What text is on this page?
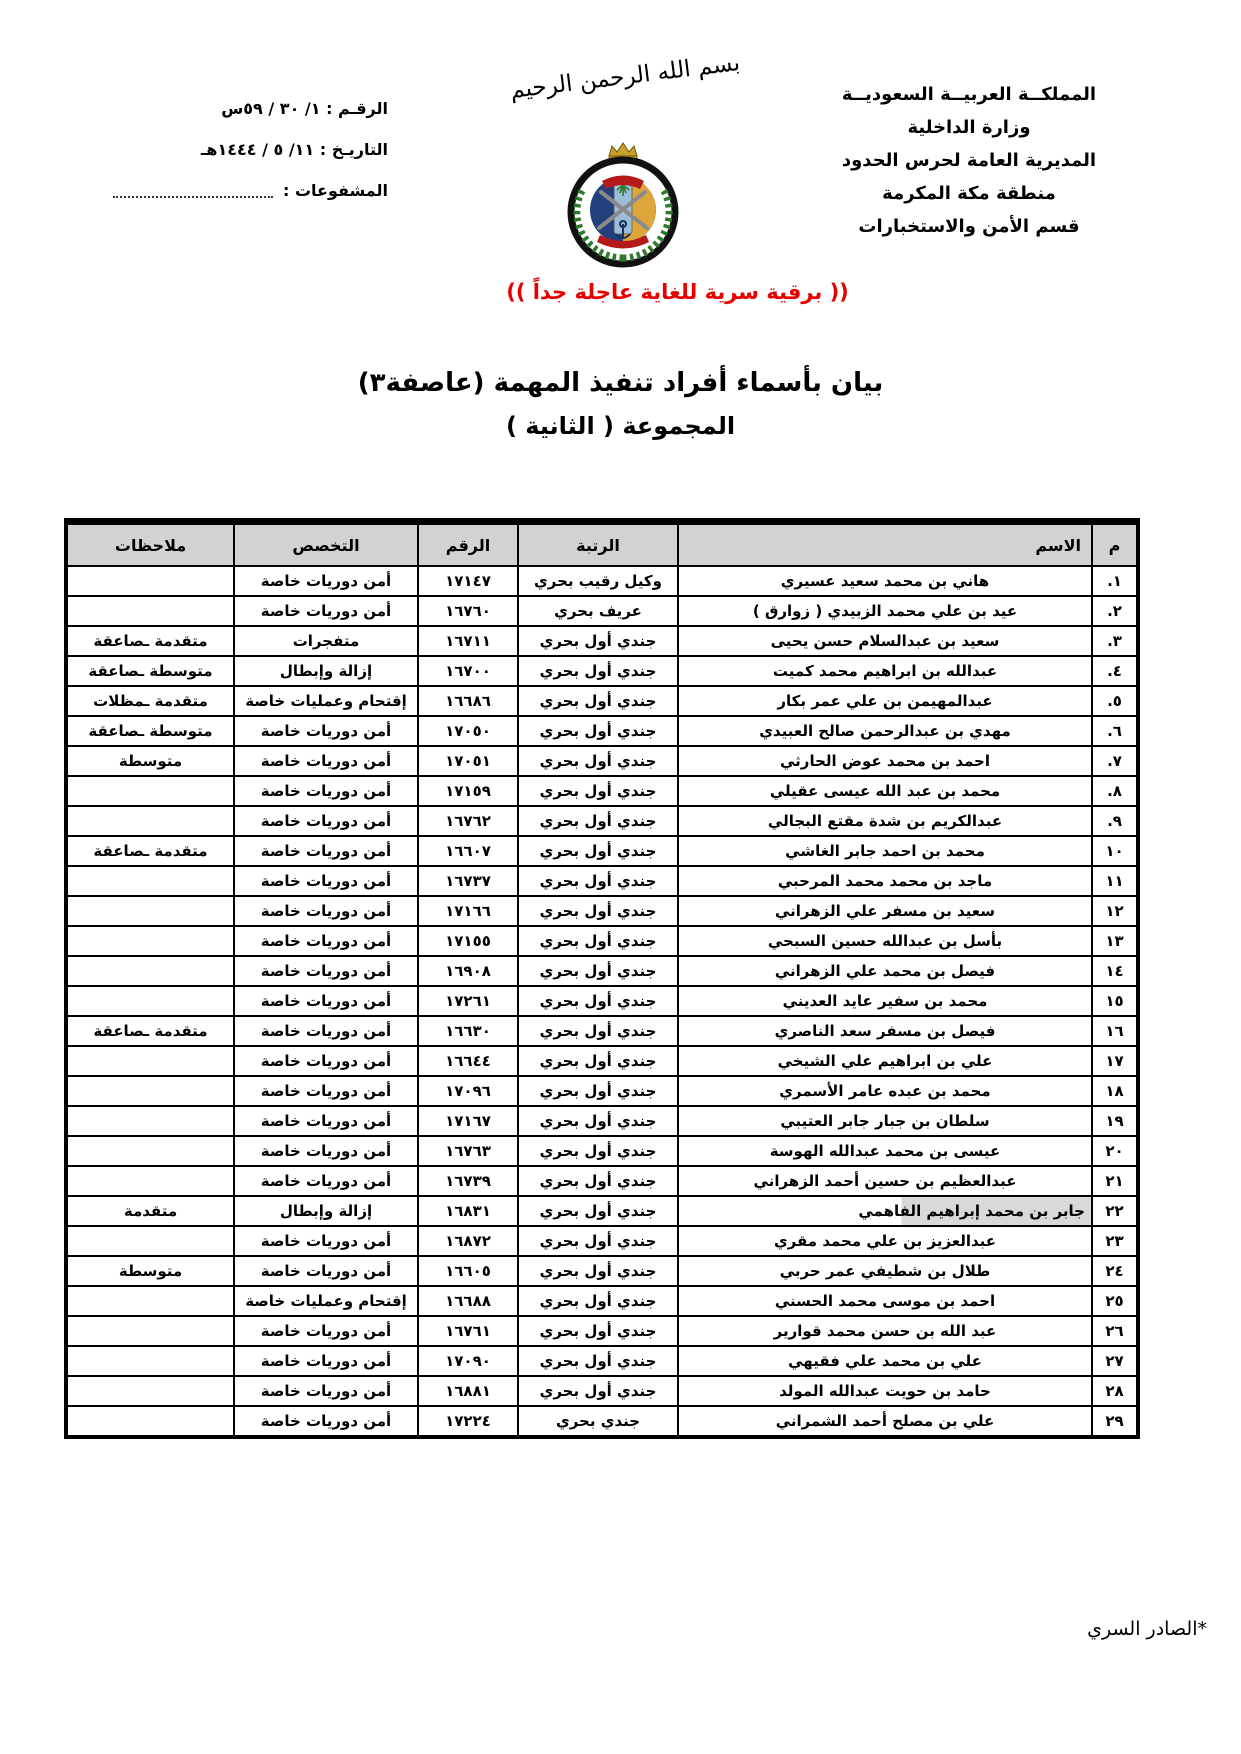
المملكــة العربيــة السعوديــة
وزارة الداخلية
المديرية العامة لحرس الحدود
منطقة مكة المكرمة
قسم الأمن والاستخبارات
الرقـم : ١/ ٣٠ / ٥٩س
التاريـخ : ١١/ ٥ / ١٤٤٤هـ
المشفوعات :
بسم الله الرحمن الرحيم
(( برقية سرية للغاية عاجلة جداً ))
بيان بأسماء أفراد تنفيذ المهمة (عاصفة٣)
المجموعة ( الثانية )
م	الاسم	الرتبة	الرقم	التخصص	ملاحظات
١.	هاني بن محمد سعيد عسيري	وكيل رقيب بحري	١٧١٤٧	أمن دوريات خاصة	
٢.	عيد بن علي محمد الزبيدي ( زوارق )	عريف بحري	١٦٧٦٠	أمن دوريات خاصة	
٣.	سعيد بن عبدالسلام حسن يحيى	جندي أول بحري	١٦٧١١	متفجرات	متقدمة ـصاعقة
٤.	عبدالله بن ابراهيم محمد كميت	جندي أول بحري	١٦٧٠٠	إزالة وإبطال	متوسطة ـصاعقة
٥.	عبدالمهيمن بن علي عمر بكار	جندي أول بحري	١٦٦٨٦	إقتحام وعمليات خاصة	متقدمة ـمظلات
٦.	مهدي بن عبدالرحمن صالح العبيدي	جندي أول بحري	١٧٠٥٠	أمن دوريات خاصة	متوسطة ـصاعقة
٧.	احمد بن محمد عوض الحارثي	جندي أول بحري	١٧٠٥١	أمن دوريات خاصة	متوسطة
٨.	محمد بن عبد الله عيسى عقيلي	جندي أول بحري	١٧١٥٩	أمن دوريات خاصة	
٩.	عبدالكريم بن شدة مقتع البجالي	جندي أول بحري	١٦٧٦٢	أمن دوريات خاصة	
١٠	محمد بن احمد جابر الغاشي	جندي أول بحري	١٦٦٠٧	أمن دوريات خاصة	متقدمة ـصاعقة
١١	ماجد بن محمد محمد المرحبي	جندي أول بحري	١٦٧٣٧	أمن دوريات خاصة	
١٢	سعيد بن مسفر علي الزهراني	جندي أول بحري	١٧١٦٦	أمن دوريات خاصة	
١٣	بأسل بن عبدالله حسين السبحي	جندي أول بحري	١٧١٥٥	أمن دوريات خاصة	
١٤	فيصل بن محمد علي الزهراني	جندي أول بحري	١٦٩٠٨	أمن دوريات خاصة	
١٥	محمد بن سفير عايد العديني	جندي أول بحري	١٧٢٦١	أمن دوريات خاصة	
١٦	فيصل بن مسفر سعد الناصري	جندي أول بحري	١٦٦٣٠	أمن دوريات خاصة	متقدمة ـصاعقة
١٧	علي بن ابراهيم علي الشيخي	جندي أول بحري	١٦٦٤٤	أمن دوريات خاصة	
١٨	محمد بن عبده عامر الأسمري	جندي أول بحري	١٧٠٩٦	أمن دوريات خاصة	
١٩	سلطان بن جبار جابر العتيبي	جندي أول بحري	١٧١٦٧	أمن دوريات خاصة	
٢٠	عيسى بن محمد عبدالله الهوسة	جندي أول بحري	١٦٧٦٣	أمن دوريات خاصة	
٢١	عبدالعظيم بن حسين أحمد الزهراني	جندي أول بحري	١٦٧٣٩	أمن دوريات خاصة	
٢٢	جابر بن محمد إبراهيم الفاهمي	جندي أول بحري	١٦٨٣١	إزالة وإبطال	متقدمة
٢٣	عبدالعزيز بن علي محمد مقري	جندي أول بحري	١٦٨٧٢	أمن دوريات خاصة	
٢٤	طلال بن شطيفي عمر حربي	جندي أول بحري	١٦٦٠٥	أمن دوريات خاصة	متوسطة
٢٥	احمد بن موسى محمد الحسني	جندي أول بحري	١٦٦٨٨	إقتحام وعمليات خاصة	
٢٦	عبد الله بن حسن محمد قوارير	جندي أول بحري	١٦٧٦١	أمن دوريات خاصة	
٢٧	علي بن محمد علي فقيهي	جندي أول بحري	١٧٠٩٠	أمن دوريات خاصة	
٢٨	حامد بن حويت عبدالله المولد	جندي أول بحري	١٦٨٨١	أمن دوريات خاصة	
٢٩	علي بن مصلح أحمد الشمراني	جندي بحري	١٧٢٢٤	أمن دوريات خاصة	
*الصادر السري
